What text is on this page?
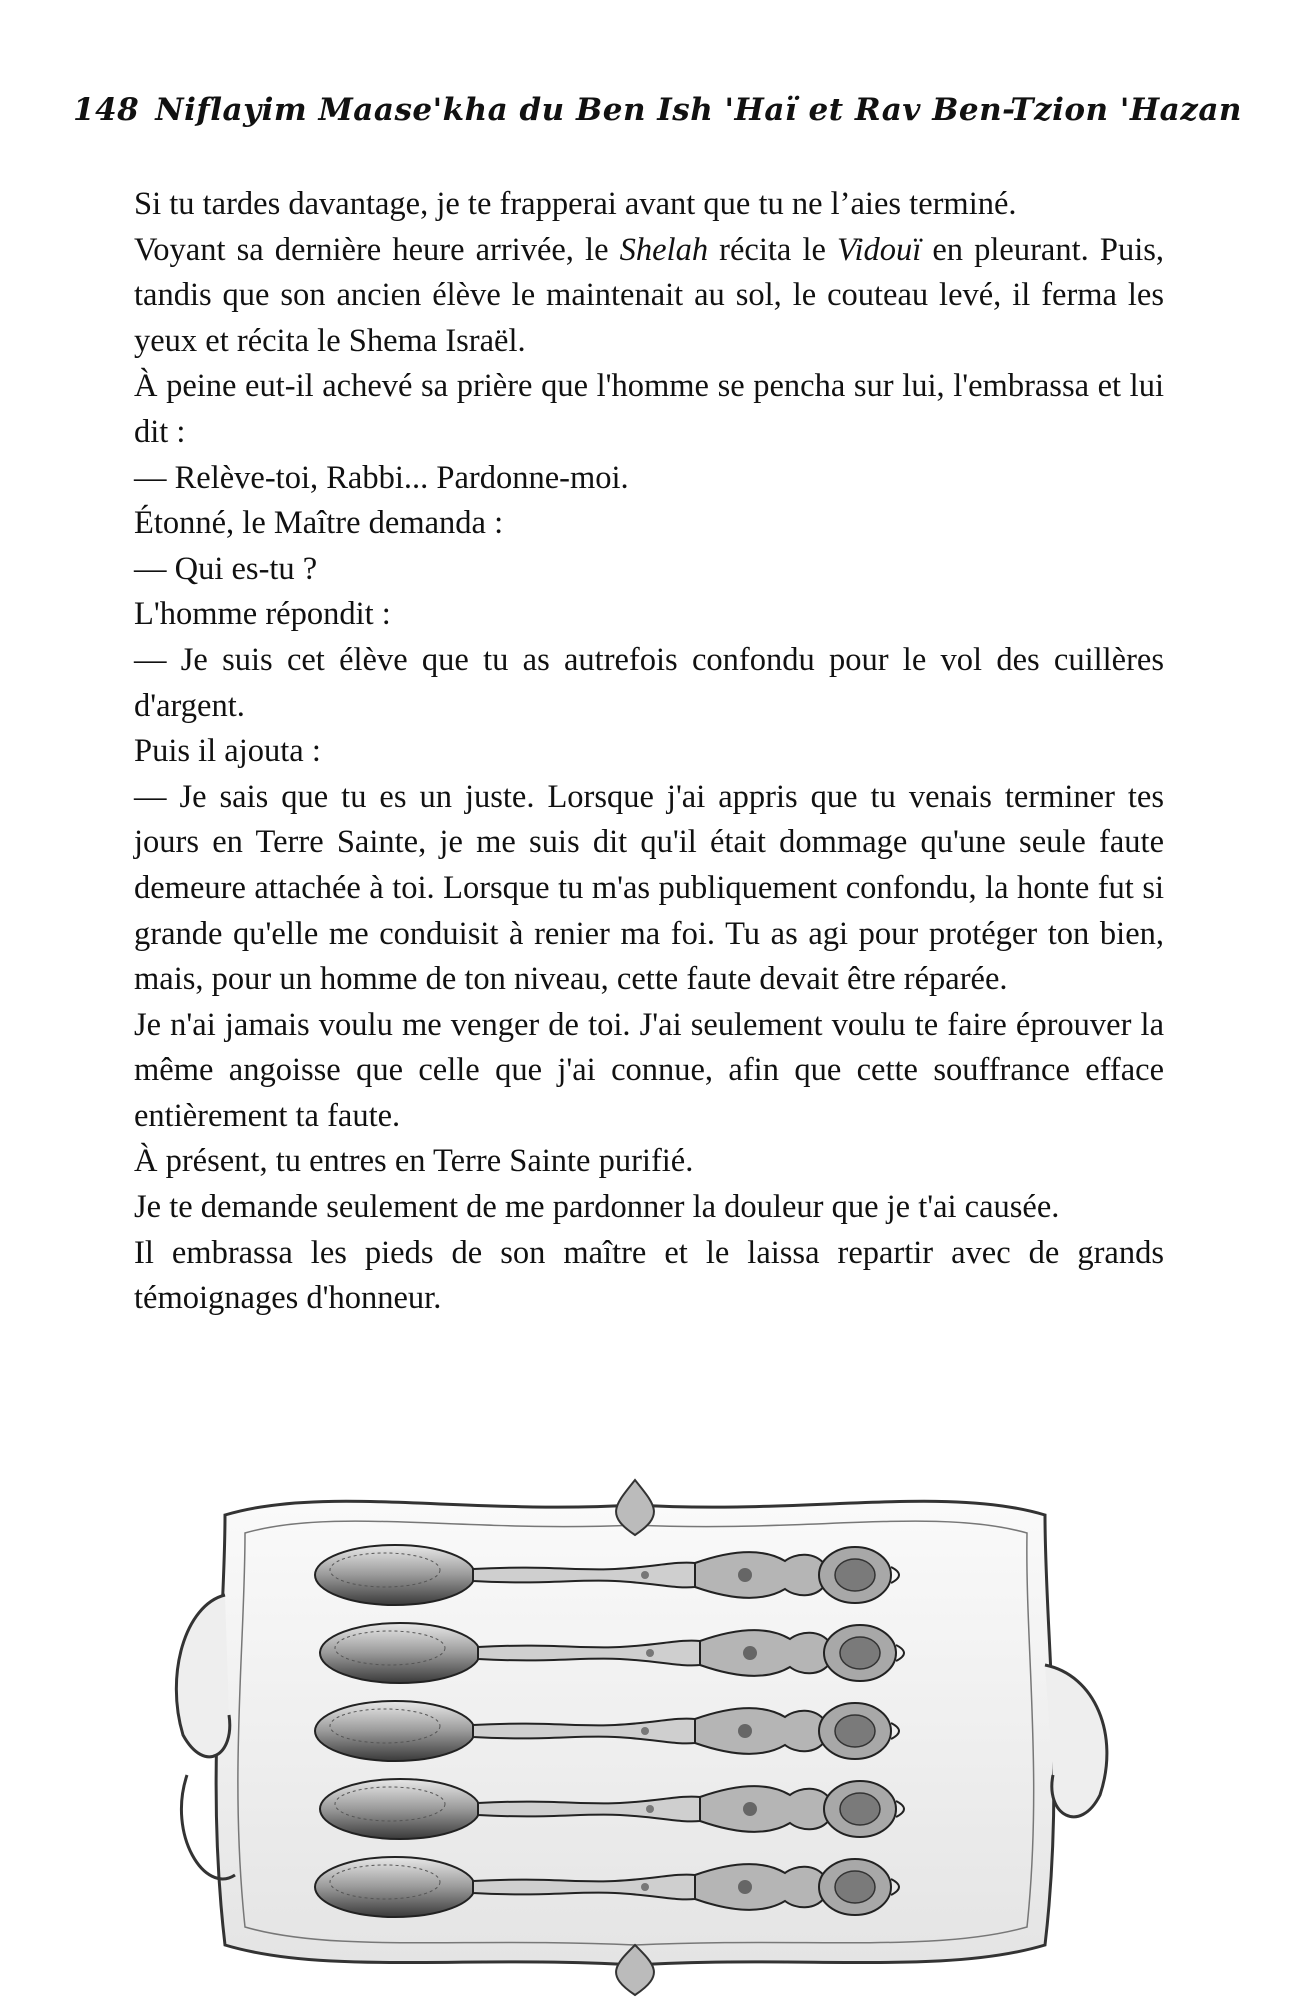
148 Niflayim Maase'kha du Ben Ish 'Haï et Rav Ben-Tzion 'Hazan

Si tu tardes davantage, je te frapperai avant que tu ne l’aies terminé.

Voyant sa dernière heure arrivée, le Shelah récita le Vidouï en pleurant. Puis, tandis que son ancien élève le maintenait au sol, le couteau levé, il ferma les yeux et récita le Shema Israël.

À peine eut-il achevé sa prière que l'homme se pencha sur lui, l'embrassa et lui dit :

— Relève-toi, Rabbi... Pardonne-moi.

Étonné, le Maître demanda :

— Qui es-tu ?

L'homme répondit :

— Je suis cet élève que tu as autrefois confondu pour le vol des cuillères d'argent.

Puis il ajouta :

— Je sais que tu es un juste. Lorsque j'ai appris que tu venais terminer tes jours en Terre Sainte, je me suis dit qu'il était dommage qu'une seule faute demeure attachée à toi. Lorsque tu m'as publiquement confondu, la honte fut si grande qu'elle me conduisit à renier ma foi. Tu as agi pour protéger ton bien, mais, pour un homme de ton niveau, cette faute devait être réparée.

Je n'ai jamais voulu me venger de toi. J'ai seulement voulu te faire éprouver la même angoisse que celle que j'ai connue, afin que cette souffrance efface entièrement ta faute.

À présent, tu entres en Terre Sainte purifié.

Je te demande seulement de me pardonner la douleur que je t'ai causée.

Il embrassa les pieds de son maître et le laissa repartir avec de grands témoignages d'honneur.
